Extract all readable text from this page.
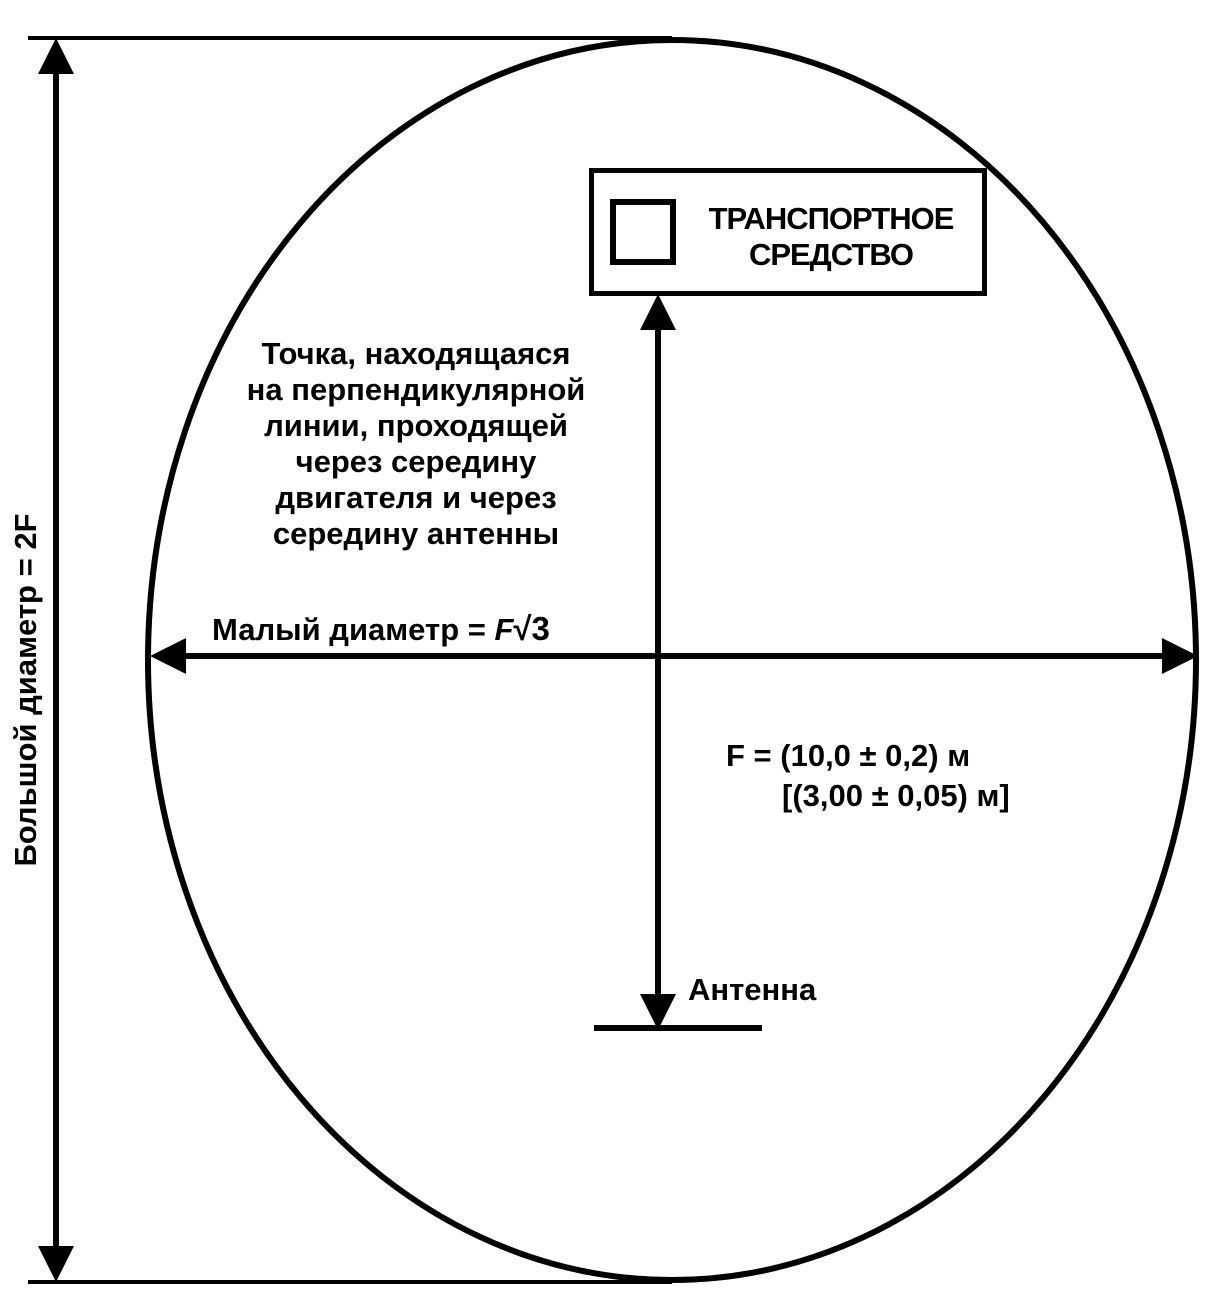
ТРАНСПОРТНОЕ
СРЕДСТВО
Точка, находящаяся
на перпендикулярной
линии, проходящей
через середину
двигателя и через
середину антенны
Малый диаметр = F√3
Большой диаметр = 2F	F = (10,0 ± 0,2) м
[(3,00 ± 0,05) м]
Антенна
